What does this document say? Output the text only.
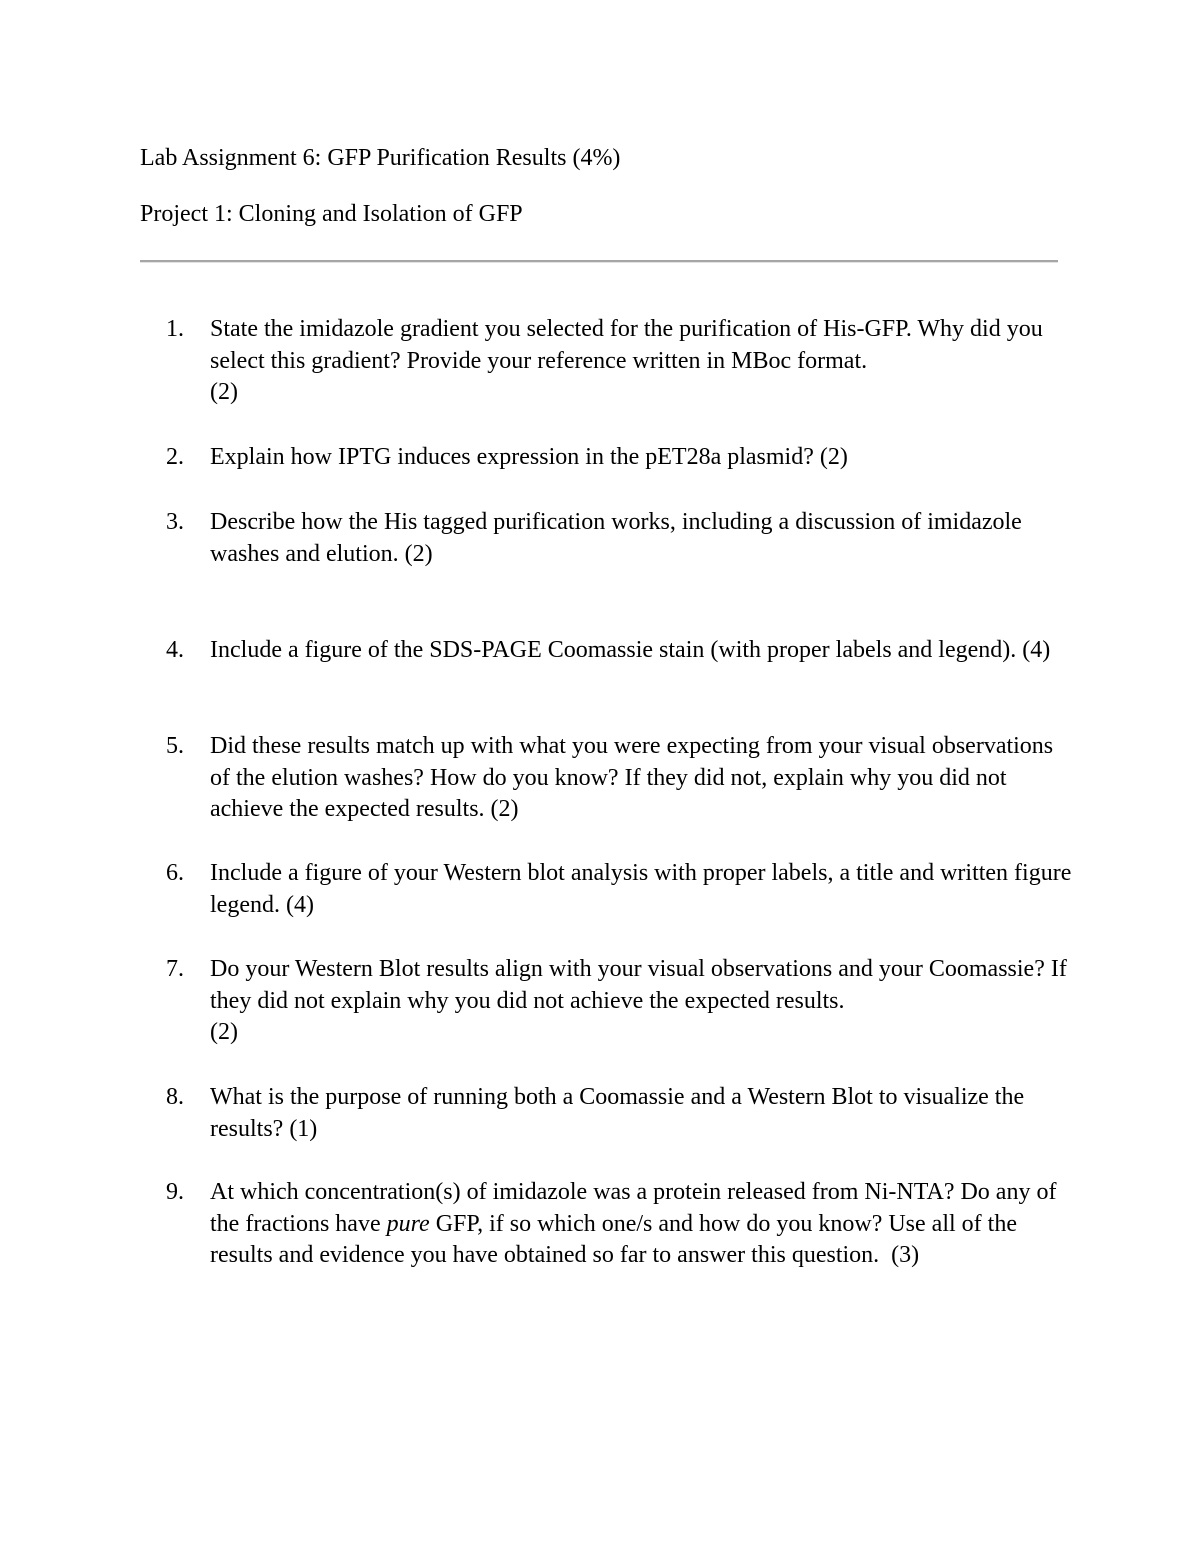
Lab Assignment 6: GFP Purification Results (4%)
Project 1: Cloning and Isolation of GFP
1.	State the imidazole gradient you selected for the purification of His-GFP. Why did you select this gradient? Provide your reference written in MBoc format.
(2)
2.	Explain how IPTG induces expression in the pET28a plasmid? (2)
3.	Describe how the His tagged purification works, including a discussion of imidazole washes and elution. (2)
4.	Include a figure of the SDS-PAGE Coomassie stain (with proper labels and legend). (4)
5.	Did these results match up with what you were expecting from your visual observations of the elution washes? How do you know? If they did not, explain why you did not achieve the expected results. (2)
6.	Include a figure of your Western blot analysis with proper labels, a title and written figure legend. (4)
7.	Do your Western Blot results align with your visual observations and your Coomassie? If they did not explain why you did not achieve the expected results.
(2)
8.	What is the purpose of running both a Coomassie and a Western Blot to visualize the results? (1)
9.	At which concentration(s) of imidazole was a protein released from Ni-NTA? Do any of the fractions have pure GFP, if so which one/s and how do you know? Use all of the results and evidence you have obtained so far to answer this question. (3)
